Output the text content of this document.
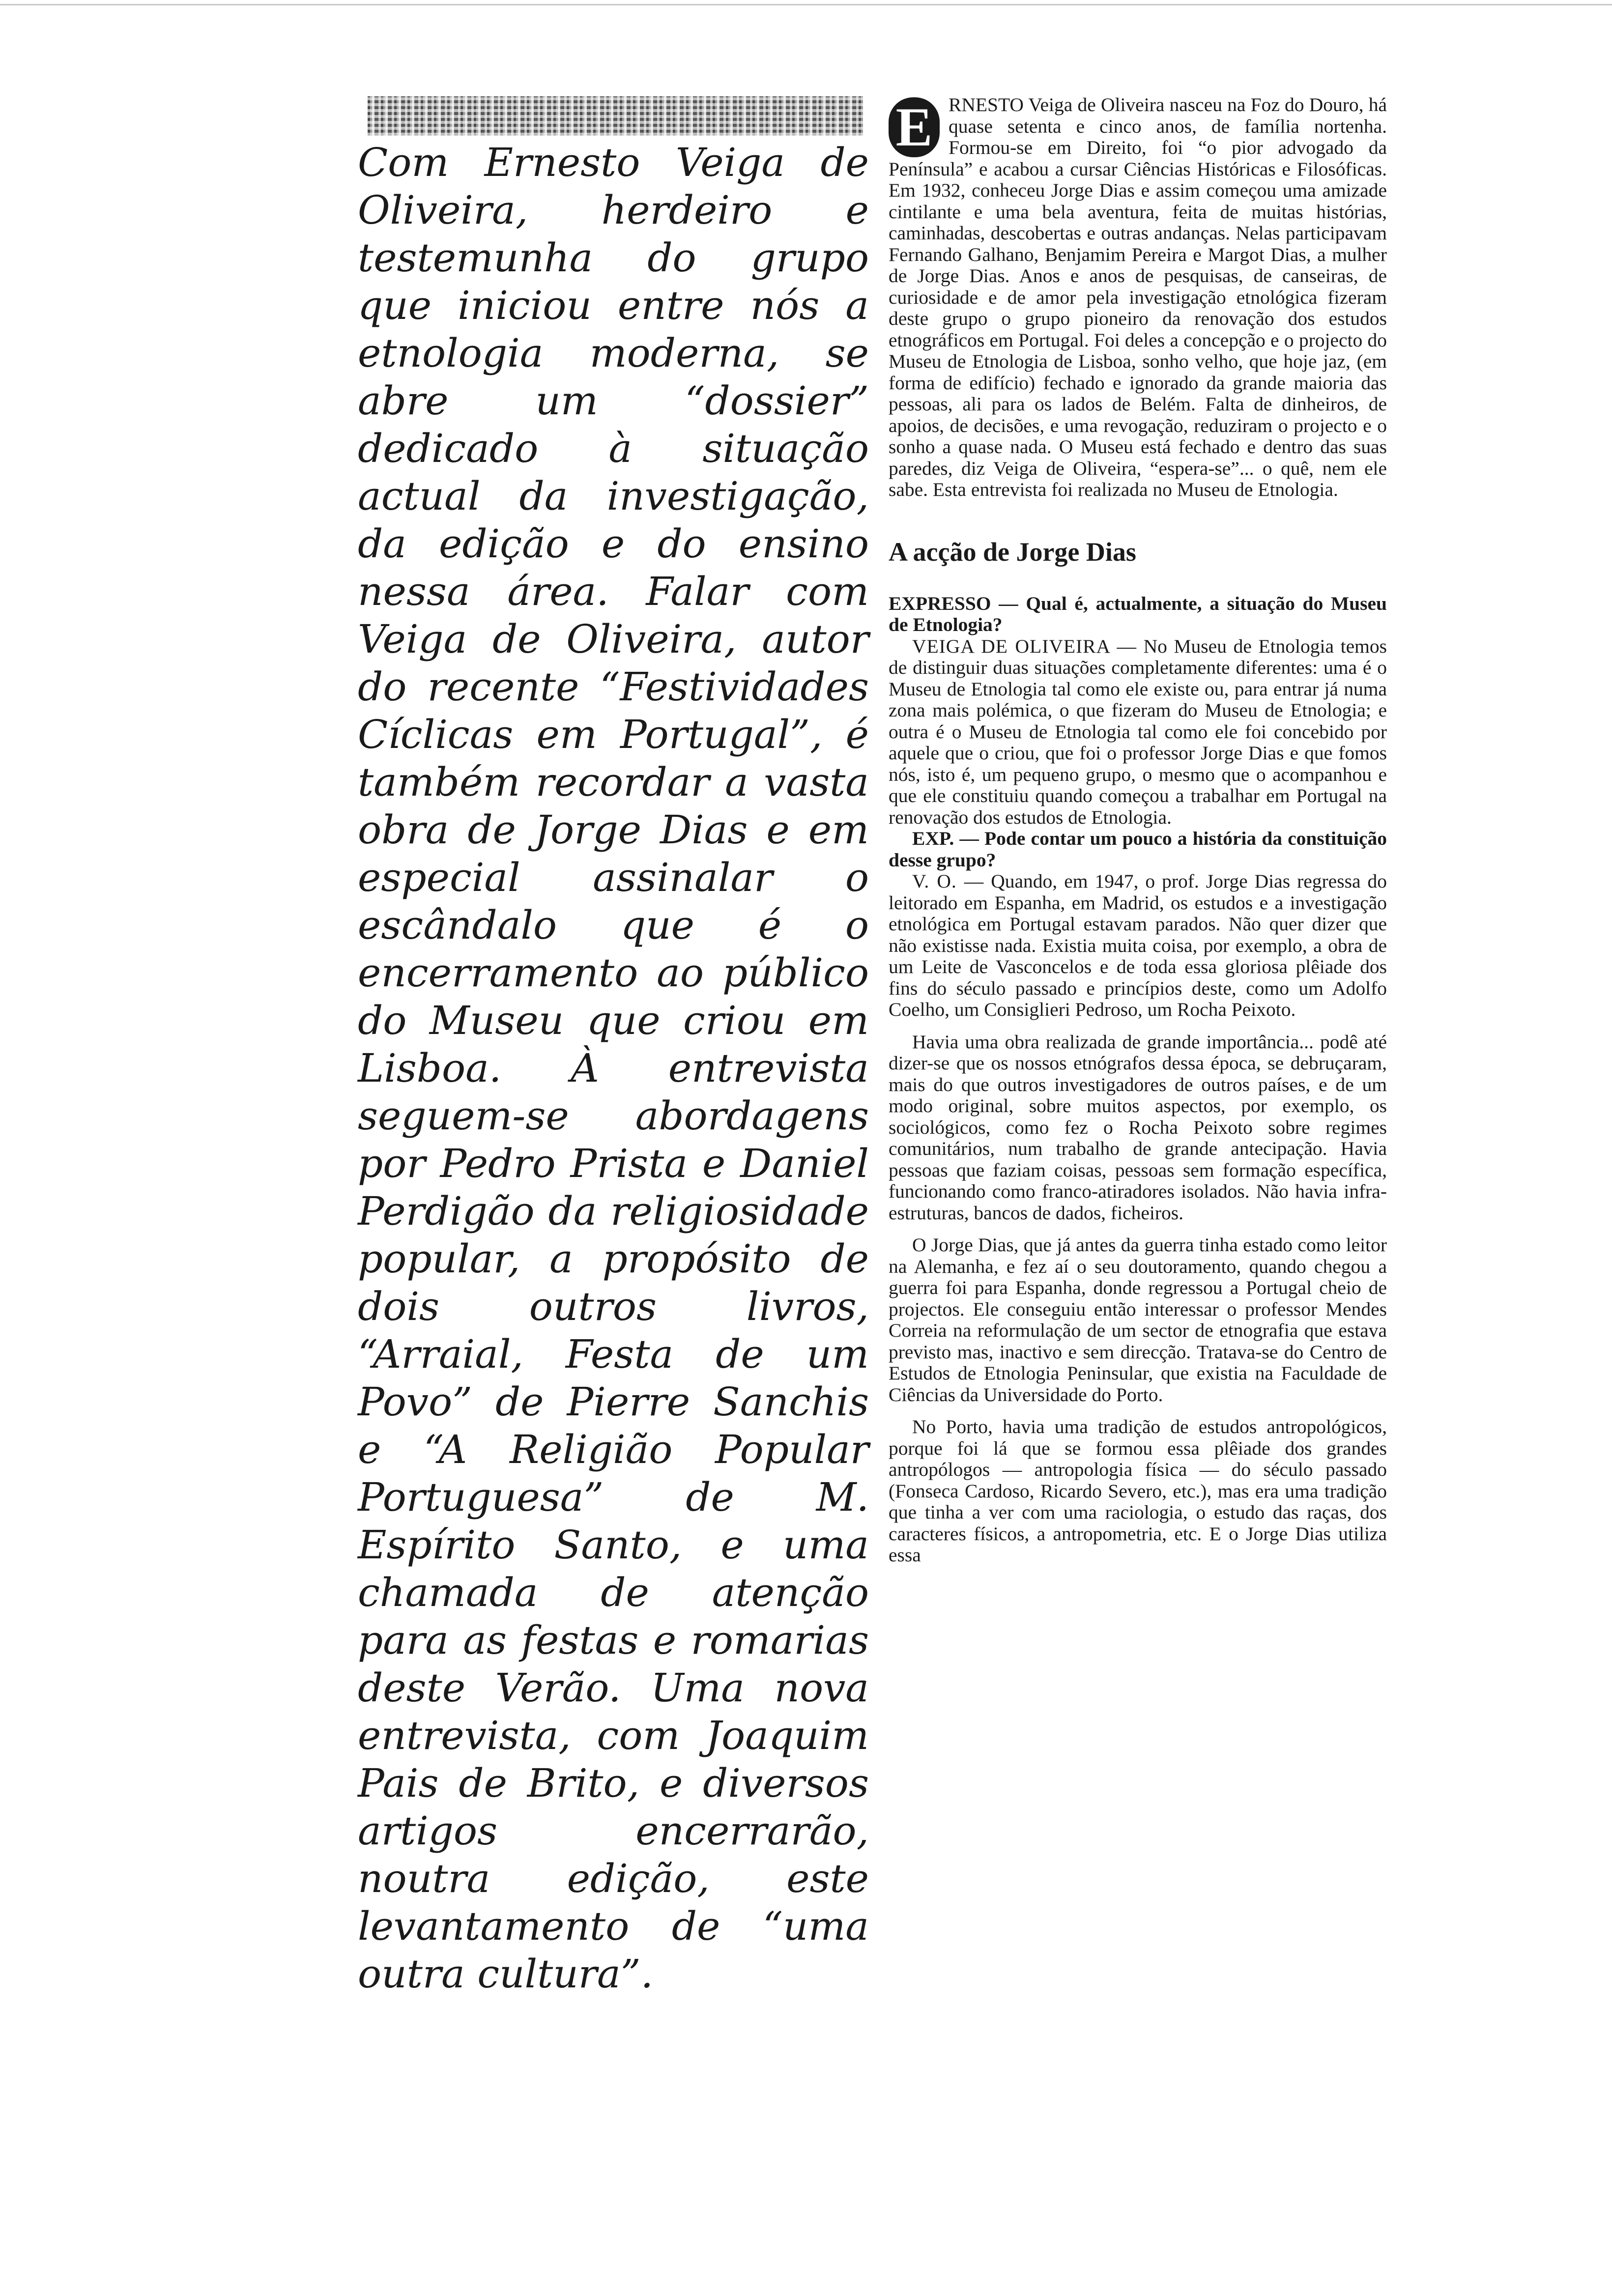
Com Ernesto Veiga de Oliveira, herdeiro e testemunha do grupo que iniciou entre nós a etnologia moderna, se abre um “dossier” dedicado à situação actual da investigação, da edição e do ensino nessa área. Falar com Veiga de Oliveira, autor do recente “Festividades Cíclicas em Portugal”, é também recordar a vasta obra de Jorge Dias e em especial assinalar o escândalo que é o encerramento ao público do Museu que criou em Lisboa. À entrevista seguem-se abordagens por Pedro Prista e Daniel Perdigão da religiosidade popular, a propósito de dois outros livros, “Arraial, Festa de um Povo” de Pierre Sanchis e “A Religião Popular Portuguesa” de M. Espírito Santo, e uma chamada de atenção para as festas e romarias deste Verão. Uma nova entrevista, com Joaquim Pais de Brito, e diversos artigos encerrarão, noutra edição, este levantamento de “uma outra cultura”.

E RNESTO Veiga de Oliveira nasceu na Foz do Douro, há quase setenta e cinco anos, de família nortenha. Formou-se em Direito, foi “o pior advogado da Península” e acabou a cursar Ciências Históricas e Filosóficas. Em 1932, conheceu Jorge Dias e assim começou uma amizade cintilante e uma bela aventura, feita de muitas histórias, caminhadas, descobertas e outras andanças. Nelas participavam Fernando Galhano, Benjamim Pereira e Margot Dias, a mulher de Jorge Dias. Anos e anos de pesquisas, de canseiras, de curiosidade e de amor pela investigação etnológica fizeram deste grupo o grupo pioneiro da renovação dos estudos etnográficos em Portugal. Foi deles a concepção e o projecto do Museu de Etnologia de Lisboa, sonho velho, que hoje jaz, (em forma de edifício) fechado e ignorado da grande maioria das pessoas, ali para os lados de Belém. Falta de dinheiros, de apoios, de decisões, e uma revogação, reduziram o projecto e o sonho a quase nada. O Museu está fechado e dentro das suas paredes, diz Veiga de Oliveira, “espera-se”... o quê, nem ele sabe. Esta entrevista foi realizada no Museu de Etnologia.

A acção de Jorge Dias

EXPRESSO — Qual é, actualmente, a situação do Museu de Etnologia?

VEIGA DE OLIVEIRA — No Museu de Etnologia temos de distinguir duas situações completamente diferentes: uma é o Museu de Etnologia tal como ele existe ou, para entrar já numa zona mais polémica, o que fizeram do Museu de Etnologia; e outra é o Museu de Etnologia tal como ele foi concebido por aquele que o criou, que foi o professor Jorge Dias e que fomos nós, isto é, um pequeno grupo, o mesmo que o acompanhou e que ele constituiu quando começou a trabalhar em Portugal na renovação dos estudos de Etnologia.

EXP. — Pode contar um pouco a história da constituição desse grupo?

V. O. — Quando, em 1947, o prof. Jorge Dias regressa do leitorado em Espanha, em Madrid, os estudos e a investigação etnológica em Portugal estavam parados. Não quer dizer que não existisse nada. Existia muita coisa, por exemplo, a obra de um Leite de Vasconcelos e de toda essa gloriosa plêiade dos fins do século passado e princípios deste, como um Adolfo Coelho, um Consiglieri Pedroso, um Rocha Peixoto.

Havia uma obra realizada de grande importância... podê até dizer-se que os nossos etnógrafos dessa época, se debruçaram, mais do que outros investigadores de outros países, e de um modo original, sobre muitos aspectos, por exemplo, os sociológicos, como fez o Rocha Peixoto sobre regimes comunitários, num trabalho de grande antecipação. Havia pessoas que faziam coisas, pessoas sem formação específica, funcionando como franco-atiradores isolados. Não havia infra-estruturas, bancos de dados, ficheiros.

O Jorge Dias, que já antes da guerra tinha estado como leitor na Alemanha, e fez aí o seu doutoramento, quando chegou a guerra foi para Espanha, donde regressou a Portugal cheio de projectos. Ele conseguiu então interessar o professor Mendes Correia na reformulação de um sector de etnografia que estava previsto mas, inactivo e sem direcção. Tratava-se do Centro de Estudos de Etnologia Peninsular, que existia na Faculdade de Ciências da Universidade do Porto.

No Porto, havia uma tradição de estudos antropológicos, porque foi lá que se formou essa plêiade dos grandes antropólogos — antropologia física — do século passado (Fonseca Cardoso, Ricardo Severo, etc.), mas era uma tradição que tinha a ver com uma raciologia, o estudo das raças, dos caracteres físicos, a antropometria, etc. E o Jorge Dias utiliza essa
